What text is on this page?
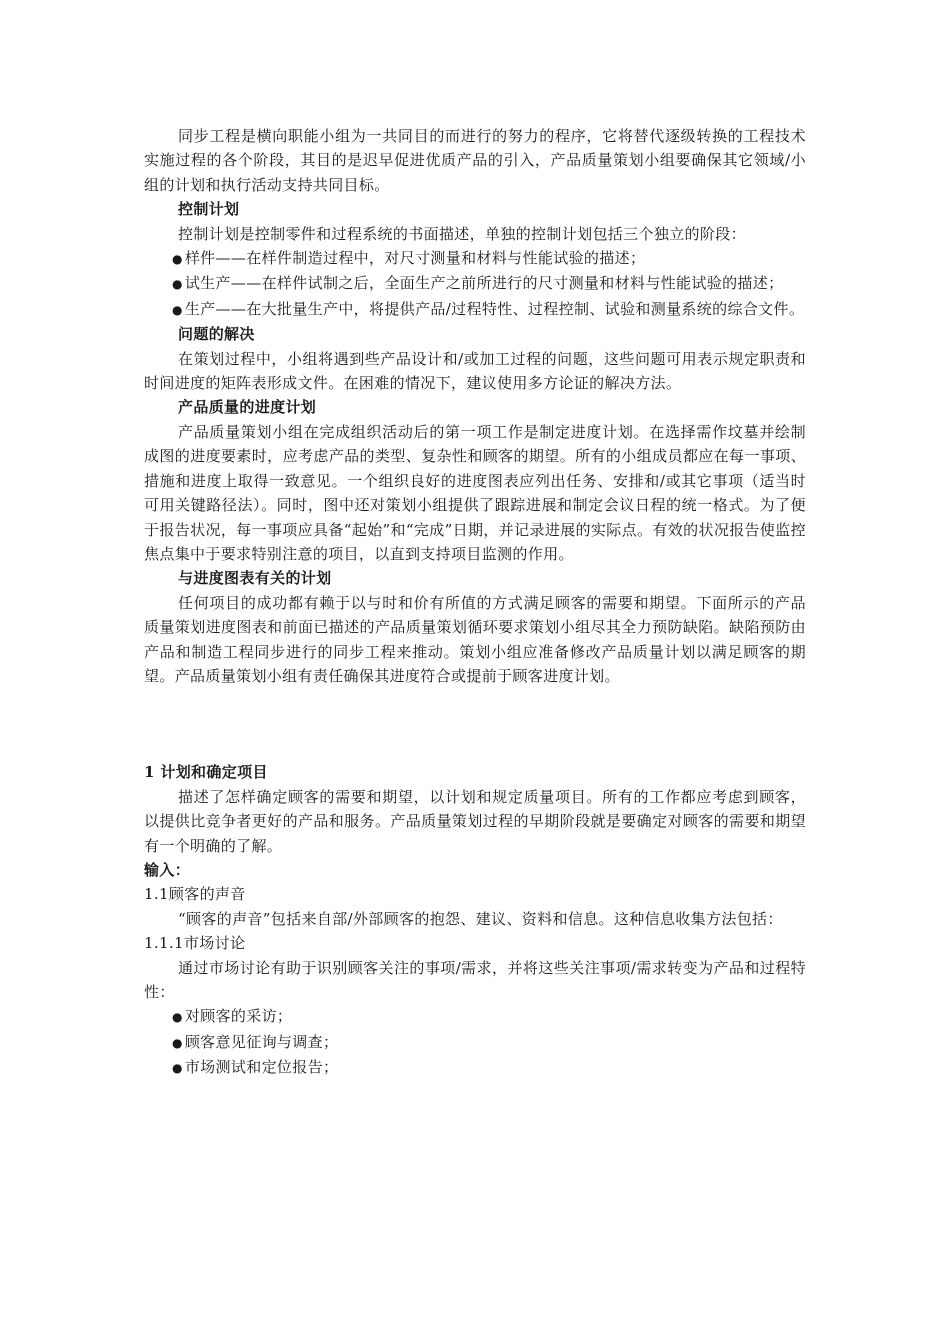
同步工程是横向职能小组为一共同目的而进行的努力的程序，它将替代逐级转换的工程技术实施过程的各个阶段，其目的是迟早促进优质产品的引入，产品质量策划小组要确保其它领域/小组的计划和执行活动支持共同目标。

控制计划

控制计划是控制零件和过程系统的书面描述，单独的控制计划包括三个独立的阶段：

● 样件——在样件制造过程中，对尺寸测量和材料与性能试验的描述；

● 试生产——在样件试制之后，全面生产之前所进行的尺寸测量和材料与性能试验的描述；

● 生产——在大批量生产中，将提供产品/过程特性、过程控制、试验和测量系统的综合文件。

问题的解决

在策划过程中，小组将遇到些产品设计和/或加工过程的问题，这些问题可用表示规定职责和时间进度的矩阵表形成文件。在困难的情况下，建议使用多方论证的解决方法。

产品质量的进度计划

产品质量策划小组在完成组织活动后的第一项工作是制定进度计划。在选择需作坟墓并绘制成图的进度要素时，应考虑产品的类型、复杂性和顾客的期望。所有的小组成员都应在每一事项、措施和进度上取得一致意见。一个组织良好的进度图表应列出任务、安排和/或其它事项（适当时可用关键路径法）。同时，图中还对策划小组提供了跟踪进展和制定会议日程的统一格式。为了便于报告状况，每一事项应具备“起始”和“完成”日期，并记录进展的实际点。有效的状况报告使监控焦点集中于要求特别注意的项目，以直到支持项目监测的作用。

与进度图表有关的计划

任何项目的成功都有赖于以与时和价有所值的方式满足顾客的需要和期望。下面所示的产品质量策划进度图表和前面已描述的产品质量策划循环要求策划小组尽其全力预防缺陷。缺陷预防由产品和制造工程同步进行的同步工程来推动。策划小组应准备修改产品质量计划以满足顾客的期望。产品质量策划小组有责任确保其进度符合或提前于顾客进度计划。

1 计划和确定项目

描述了怎样确定顾客的需要和期望，以计划和规定质量项目。所有的工作都应考虑到顾客，以提供比竞争者更好的产品和服务。产品质量策划过程的早期阶段就是要确定对顾客的需要和期望有一个明确的了解。

输入：

1.1顾客的声音

“顾客的声音”包括来自部/外部顾客的抱怨、建议、资料和信息。这种信息收集方法包括：

1.1.1市场讨论

通过市场讨论有助于识别顾客关注的事项/需求，并将这些关注事项/需求转变为产品和过程特性：

● 对顾客的采访；

● 顾客意见征询与调查；

● 市场测试和定位报告；
